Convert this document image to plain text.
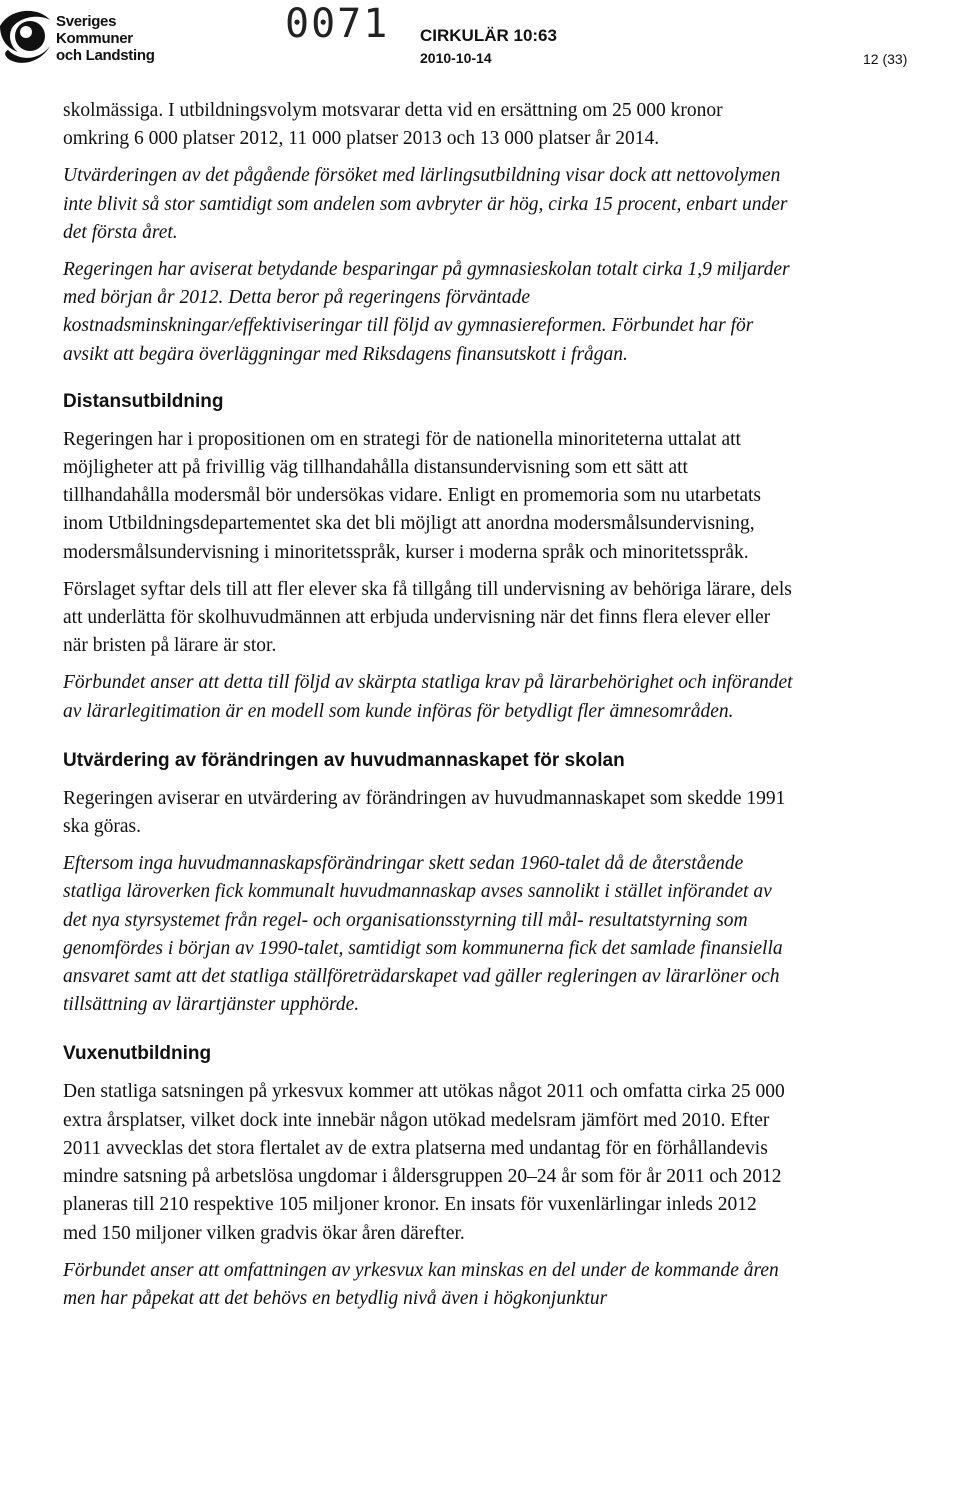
Sveriges
Kommuner
och Landsting
0071 CIRKULÄR 10:63
2010-10-14	12 (33)

skolmässiga. I utbildningsvolym motsvarar detta vid en ersättning om 25 000 kronor omkring 6 000 platser 2012, 11 000 platser 2013 och 13 000 platser år 2014.

Utvärderingen av det pågående försöket med lärlingsutbildning visar dock att nettovolymen inte blivit så stor samtidigt som andelen som avbryter är hög, cirka 15 procent, enbart under det första året.

Regeringen har aviserat betydande besparingar på gymnasieskolan totalt cirka 1,9 miljarder med början år 2012. Detta beror på regeringens förväntade kostnadsminskningar/effektiviseringar till följd av gymnasiereformen. Förbundet har för avsikt att begära överläggningar med Riksdagens finansutskott i frågan.

Distansutbildning

Regeringen har i propositionen om en strategi för de nationella minoriteterna uttalat att möjligheter att på frivillig väg tillhandahålla distansundervisning som ett sätt att tillhandahålla modersmål bör undersökas vidare. Enligt en promemoria som nu utarbetats inom Utbildningsdepartementet ska det bli möjligt att anordna modersmålsundervisning, modersmålsundervisning i minoritetsspråk, kurser i moderna språk och minoritetsspråk.

Förslaget syftar dels till att fler elever ska få tillgång till undervisning av behöriga lärare, dels att underlätta för skolhuvudmännen att erbjuda undervisning när det finns flera elever eller när bristen på lärare är stor.

Förbundet anser att detta till följd av skärpta statliga krav på lärarbehörighet och införandet av lärarlegitimation är en modell som kunde införas för betydligt fler ämnesområden.

Utvärdering av förändringen av huvudmannaskapet för skolan

Regeringen aviserar en utvärdering av förändringen av huvudmannaskapet som skedde 1991 ska göras.

Eftersom inga huvudmannaskapsförändringar skett sedan 1960-talet då de återstående statliga läroverken fick kommunalt huvudmannaskap avses sannolikt i stället införandet av det nya styrsystemet från regel- och organisationsstyrning till mål- resultatstyrning som genomfördes i början av 1990-talet, samtidigt som kommunerna fick det samlade finansiella ansvaret samt att det statliga ställföreträdarskapet vad gäller regleringen av lärarlöner och tillsättning av lärartjänster upphörde.

Vuxenutbildning

Den statliga satsningen på yrkesvux kommer att utökas något 2011 och omfatta cirka 25 000 extra årsplatser, vilket dock inte innebär någon utökad medelsram jämfört med 2010. Efter 2011 avvecklas det stora flertalet av de extra platserna med undantag för en förhållandevis mindre satsning på arbetslösa ungdomar i åldersgruppen 20–24 år som för år 2011 och 2012 planeras till 210 respektive 105 miljoner kronor. En insats för vuxenlärlingar inleds 2012 med 150 miljoner vilken gradvis ökar åren därefter.

Förbundet anser att omfattningen av yrkesvux kan minskas en del under de kommande åren men har påpekat att det behövs en betydlig nivå även i högkonjunktur
